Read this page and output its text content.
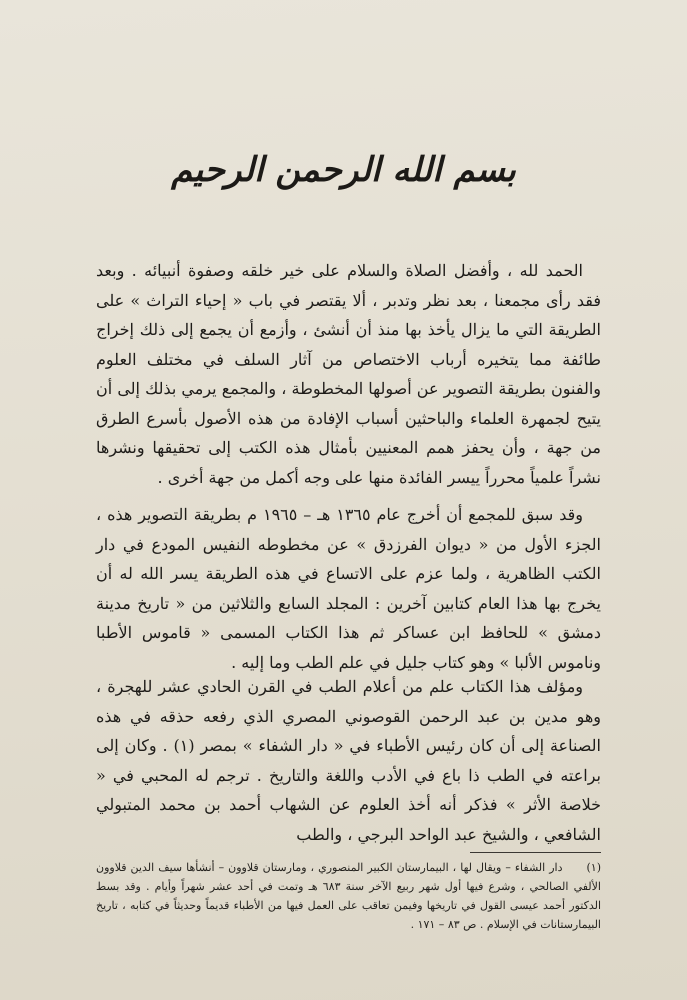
بسم الله الرحمن الرحيم

الحمد لله ، وأفضل الصلاة والسلام على خير خلقه وصفوة أنبيائه . وبعد فقد رأى مجمعنا ، بعد نظر وتدبر ، ألا يقتصر في باب « إحياء التراث » على الطريقة التي ما يزال يأخذ بها منذ أن أنشئ ، وأزمع أن يجمع إلى ذلك إخراج طائفة مما يتخيره أرباب الاختصاص من آثار السلف في مختلف العلوم والفنون بطريقة التصوير عن أصولها المخطوطة ، والمجمع يرمي بذلك إلى أن يتيح لجمهرة العلماء والباحثين أسباب الإفادة من هذه الأصول بأسرع الطرق من جهة ، وأن يحفز همم المعنيين بأمثال هذه الكتب إلى تحقيقها ونشرها نشراً علمياً محرراً ييسر الفائدة منها على وجه أكمل من جهة أخرى .

وقد سبق للمجمع أن أخرج عام ١٣٦٥ هـ – ١٩٦٥ م بطريقة التصوير هذه ، الجزء الأول من « ديوان الفرزدق » عن مخطوطه النفيس المودع في دار الكتب الظاهرية ، ولما عزم على الاتساع في هذه الطريقة يسر الله له أن يخرج بها هذا العام كتابين آخرين : المجلد السابع والثلاثين من « تاريخ مدينة دمشق » للحافظ ابن عساكر ثم هذا الكتاب المسمى « قاموس الأطبا وناموس الألبا » وهو كتاب جليل في علم الطب وما إليه .

ومؤلف هذا الكتاب علم من أعلام الطب في القرن الحادي عشر للهجرة ، وهو مدين بن عبد الرحمن القوصوني المصري الذي رفعه حذقه في هذه الصناعة إلى أن كان رئيس الأطباء في « دار الشفاء » بمصر (١) . وكان إلى براعته في الطب ذا باع في الأدب واللغة والتاريخ . ترجم له المحبي في « خلاصة الأثر » فذكر أنه أخذ العلوم عن الشهاب أحمد بن محمد المتبولي الشافعي ، والشيخ عبد الواحد البرجي ، والطب

(١)دار الشفاء – ويقال لها ، البيمارستان الكبير المنصوري ، ومارستان قلاوون – أنشأها سيف الدين قلاوون الألفي الصالحي ، وشرع فيها أول شهر ربيع الآخر سنة ٦٨٣ هـ وتمت في أحد عشر شهراً وأيام . وقد بسط الدكتور أحمد عيسى القول في تاريخها وفيمن تعاقب على العمل فيها من الأطباء قديماً وحديثاً في كتابه ، تاريخ البيمارستانات في الإسلام . ص ٨٣ – ١٧١ .
